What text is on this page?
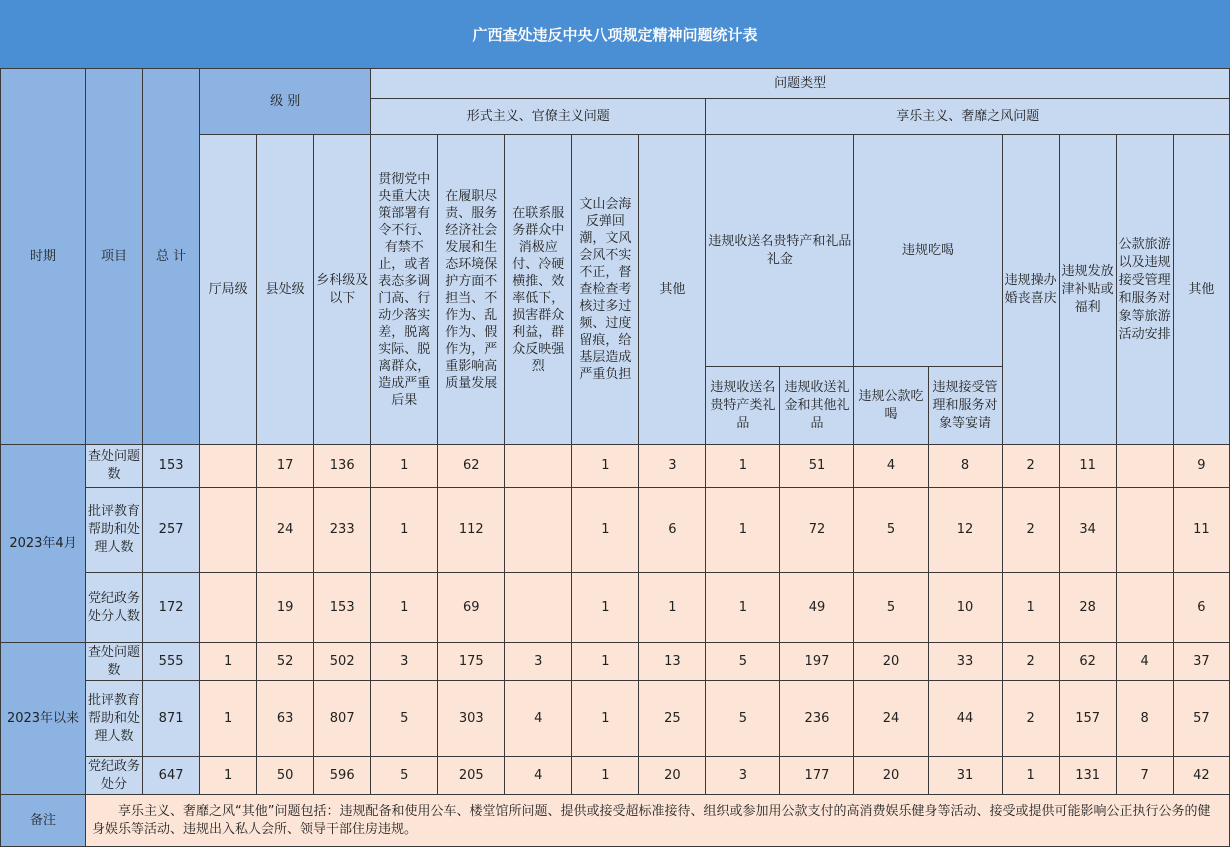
广西查处违反中央八项规定精神问题统计表
时期	项目	总 计	级 别			问题类型												
						形式主义、官僚主义问题					享乐主义、奢靡之风问题							
			厅局级	县处级	乡科级及以下	贯彻党中央重大决策部署有令不行、有禁不止，或者表态多调门高、行动少落实差，脱离实际、脱离群众，造成严重后果	在履职尽责、服务经济社会发展和生态环境保护方面不担当、不作为、乱作为、假作为，严重影响高质量发展	在联系服务群众中消极应付、冷硬横推、效率低下，损害群众利益，群众反映强烈	文山会海反弹回潮，文风会风不实不正，督查检查考核过多过频、过度留痕，给基层造成严重负担	其他	违规收送名贵特产和礼品礼金		违规吃喝		违规操办婚丧喜庆	违规发放津补贴或福利	公款旅游以及违规接受管理和服务对象等旅游活动安排	其他
											违规收送名贵特产类礼品	违规收送礼金和其他礼品	违规公款吃喝	违规接受管理和服务对象等宴请				

2023年4月	查处问题数	153		17	136	1	62		1	3	1	51	4	8	2	11		9
	批评教育帮助和处理人数	257		24	233	1	112		1	6	1	72	5	12	2	34		11
	党纪政务处分人数	172		19	153	1	69		1	1	1	49	5	10	1	28		6
2023年以来	查处问题数	555	1	52	502	3	175	3	1	13	5	197	20	33	2	62	4	37
	批评教育帮助和处理人数	871	1	63	807	5	303	4	1	25	5	236	24	44	2	157	8	57
	党纪政务处分	647	1	50	596	5	205	4	1	20	3	177	20	31	1	131	7	42
备注	享乐主义、奢靡之风“其他”问题包括：违规配备和使用公车、楼堂馆所问题、提供或接受超标准接待、组织或参加用公款支付的高消费娱乐健身等活动、接受或提供可能影响公正执行公务的健身娱乐等活动、违规出入私人会所、领导干部住房违规。																	
